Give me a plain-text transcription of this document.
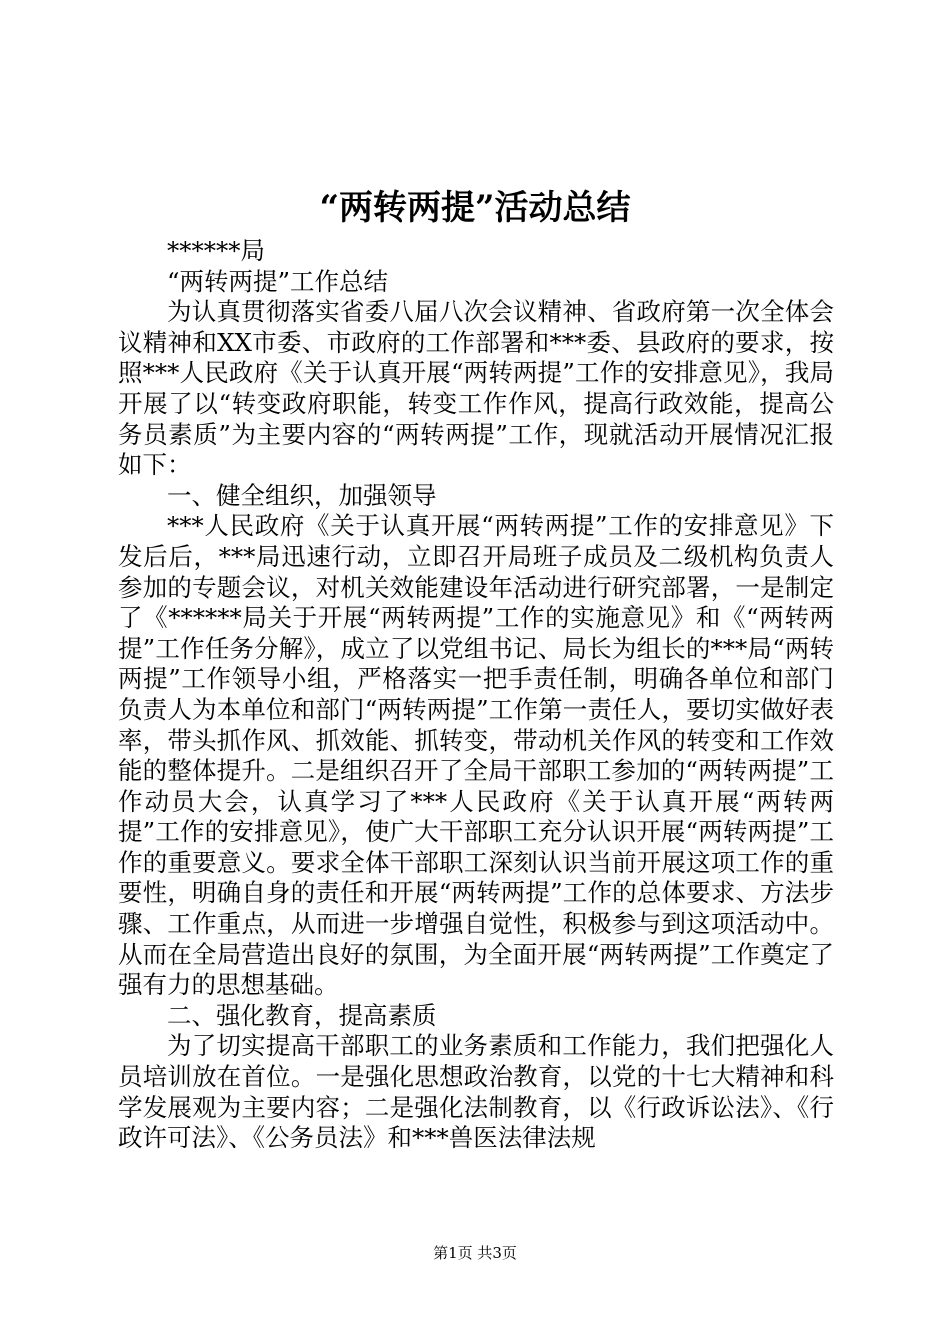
“两转两提”活动总结

******局

“两转两提”工作总结

为认真贯彻落实省委八届八次会议精神、省政府第一次全体会议精神和XX市委、市政府的工作部署和***委、县政府的要求，按照***人民政府《关于认真开展“两转两提”工作的安排意见》，我局开展了以“转变政府职能，转变工作作风，提高行政效能，提高公务员素质”为主要内容的“两转两提”工作，现就活动开展情况汇报如下：

一、健全组织，加强领导

***人民政府《关于认真开展“两转两提”工作的安排意见》下发后后，***局迅速行动，立即召开局班子成员及二级机构负责人参加的专题会议，对机关效能建设年活动进行研究部署，一是制定了《******局关于开展“两转两提”工作的实施意见》和《“两转两提”工作任务分解》，成立了以党组书记、局长为组长的***局“两转两提”工作领导小组，严格落实一把手责任制，明确各单位和部门负责人为本单位和部门“两转两提”工作第一责任人，要切实做好表率，带头抓作风、抓效能、抓转变，带动机关作风的转变和工作效能的整体提升。二是组织召开了全局干部职工参加的“两转两提”工作动员大会，认真学习了***人民政府《关于认真开展“两转两提”工作的安排意见》，使广大干部职工充分认识开展“两转两提”工作的重要意义。要求全体干部职工深刻认识当前开展这项工作的重要性，明确自身的责任和开展“两转两提”工作的总体要求、方法步骤、工作重点，从而进一步增强自觉性，积极参与到这项活动中。从而在全局营造出良好的氛围，为全面开展“两转两提”工作奠定了强有力的思想基础。

二、强化教育，提高素质

为了切实提高干部职工的业务素质和工作能力，我们把强化人员培训放在首位。一是强化思想政治教育，以党的十七大精神和科学发展观为主要内容；二是强化法制教育，以《行政诉讼法》、《行政许可法》、《公务员法》和***兽医法律法规

第1页 共3页
